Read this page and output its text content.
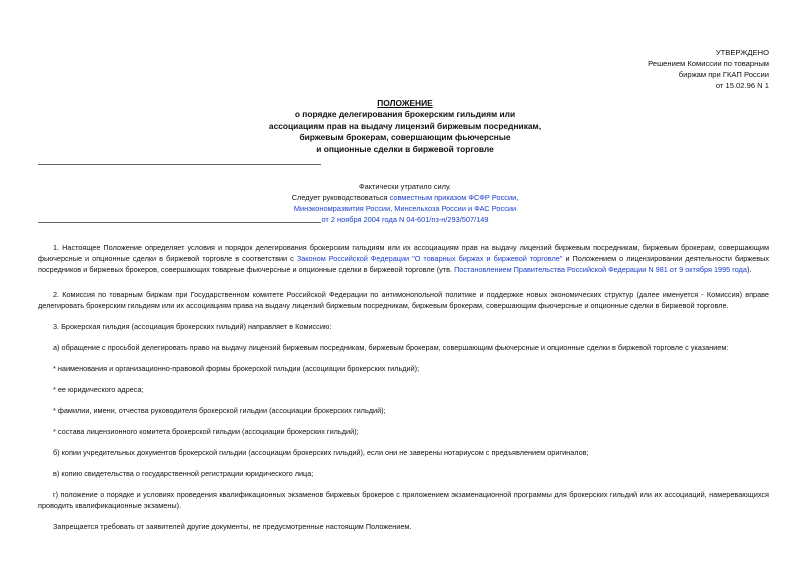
УТВЕРЖДЕНО
Решением Комиссии по товарным
биржам при ГКАП России
от 15.02.96 N 1
ПОЛОЖЕНИЕ
о порядке делегирования брокерским гильдиям или
ассоциациям прав на выдачу лицензий биржевым посредникам,
биржевым брокерам, совершающим фьючерсные
и опционные сделки в биржевой торговле
Фактически утратило силу.
Следует руководствоваться совместным приказом ФСФР России,
Минэкономразвития России, Минсельхоза России и ФАС России
от 2 ноября 2004 года N 04-601/пз-н/293/507/149

1. Настоящее Положение определяет условия и порядок делегирования брокерским гильдиям или их ассоциациям прав на выдачу лицензий биржевым посредникам, биржевым брокерам, совершающим фьючерсные и опционные сделки в биржевой торговле в соответствии с Законом Российской Федерации "О товарных биржах и биржевой торговле" и Положением о лицензировании деятельности биржевых посредников и биржевых брокеров, совершающих товарные фьючерсные и опционные сделки в биржевой торговле (утв. Постановлением Правительства Российской Федерации N 981 от 9 октября 1995 года).

2. Комиссия по товарным биржам при Государственном комитете Российской Федерации по антимонопольной политике и поддержке новых экономических структур (далее именуется - Комиссия) вправе делегировать брокерским гильдиям или их ассоциациям права на выдачу лицензий биржевым посредникам, биржевым брокерам, совершающим фьючерсные и опционные сделки в биржевой торговле.

3. Брокерская гильдия (ассоциация брокерских гильдий) направляет в Комиссию:

а) обращение с просьбой делегировать право на выдачу лицензий биржевым посредникам, биржевым брокерам, совершающим фьючерсные и опционные сделки в биржевой торговле с указанием:

* наименования и организационно-правовой формы брокерской гильдии (ассоциации брокерских гильдий);

* ее юридического адреса;

* фамилии, имени, отчества руководителя брокерской гильдии (ассоциации брокерских гильдий);

* состава лицензионного комитета брокерской гильдии (ассоциации брокерских гильдий);

б) копии учредительных документов брокерской гильдии (ассоциации брокерских гильдий), если они не заверены нотариусом с предъявлением оригиналов;

в) копию свидетельства о государственной регистрации юридического лица;

г) положение о порядке и условиях проведения квалификационных экзаменов биржевых брокеров с приложением экзаменационной программы для брокерских гильдий или их ассоциаций, намеревающихся проводить квалификационные экзамены).

Запрещается требовать от заявителей другие документы, не предусмотренные настоящим Положением.
